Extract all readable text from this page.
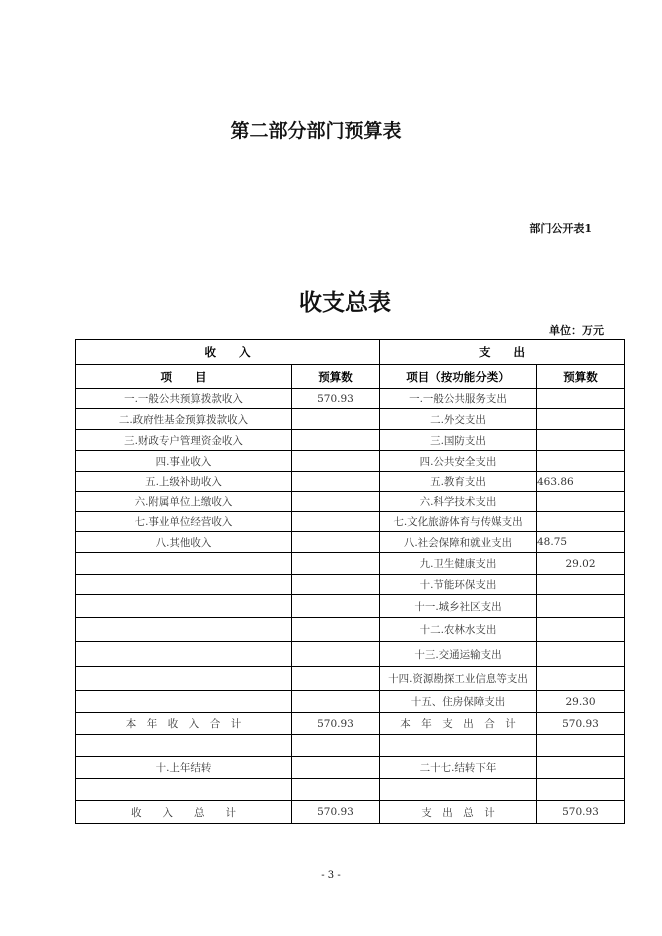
第二部分部门预算表
部门公开表1
收支总表
单位：万元
收　　入		支　　出	
项　　目	预算数	项目（按功能分类）	预算数
一.一般公共预算拨款收入	570.93	一.一般公共服务支出	
二.政府性基金预算拨款收入		二.外交支出	
三.财政专户管理资金收入		三.国防支出	
四.事业收入		四.公共安全支出	
五.上级补助收入		五.教育支出	463.86
六.附属单位上缴收入		六.科学技术支出	
七.事业单位经营收入		七.文化旅游体育与传媒支出	
八.其他收入		八.社会保障和就业支出	48.75
		九.卫生健康支出	29.02
		十.节能环保支出	
		十一.城乡社区支出	
		十二.农林水支出	
		十三.交通运输支出	
		十四.资源勘探工业信息等支出	
		十五、住房保障支出	29.30
本　年　收　入　合　计	570.93	本　年　支　出　合　计	570.93

十.上年结转		二十七.结转下年	

收　　入　　总　　计	570.93	支　出　总　计	570.93
- 3 -
